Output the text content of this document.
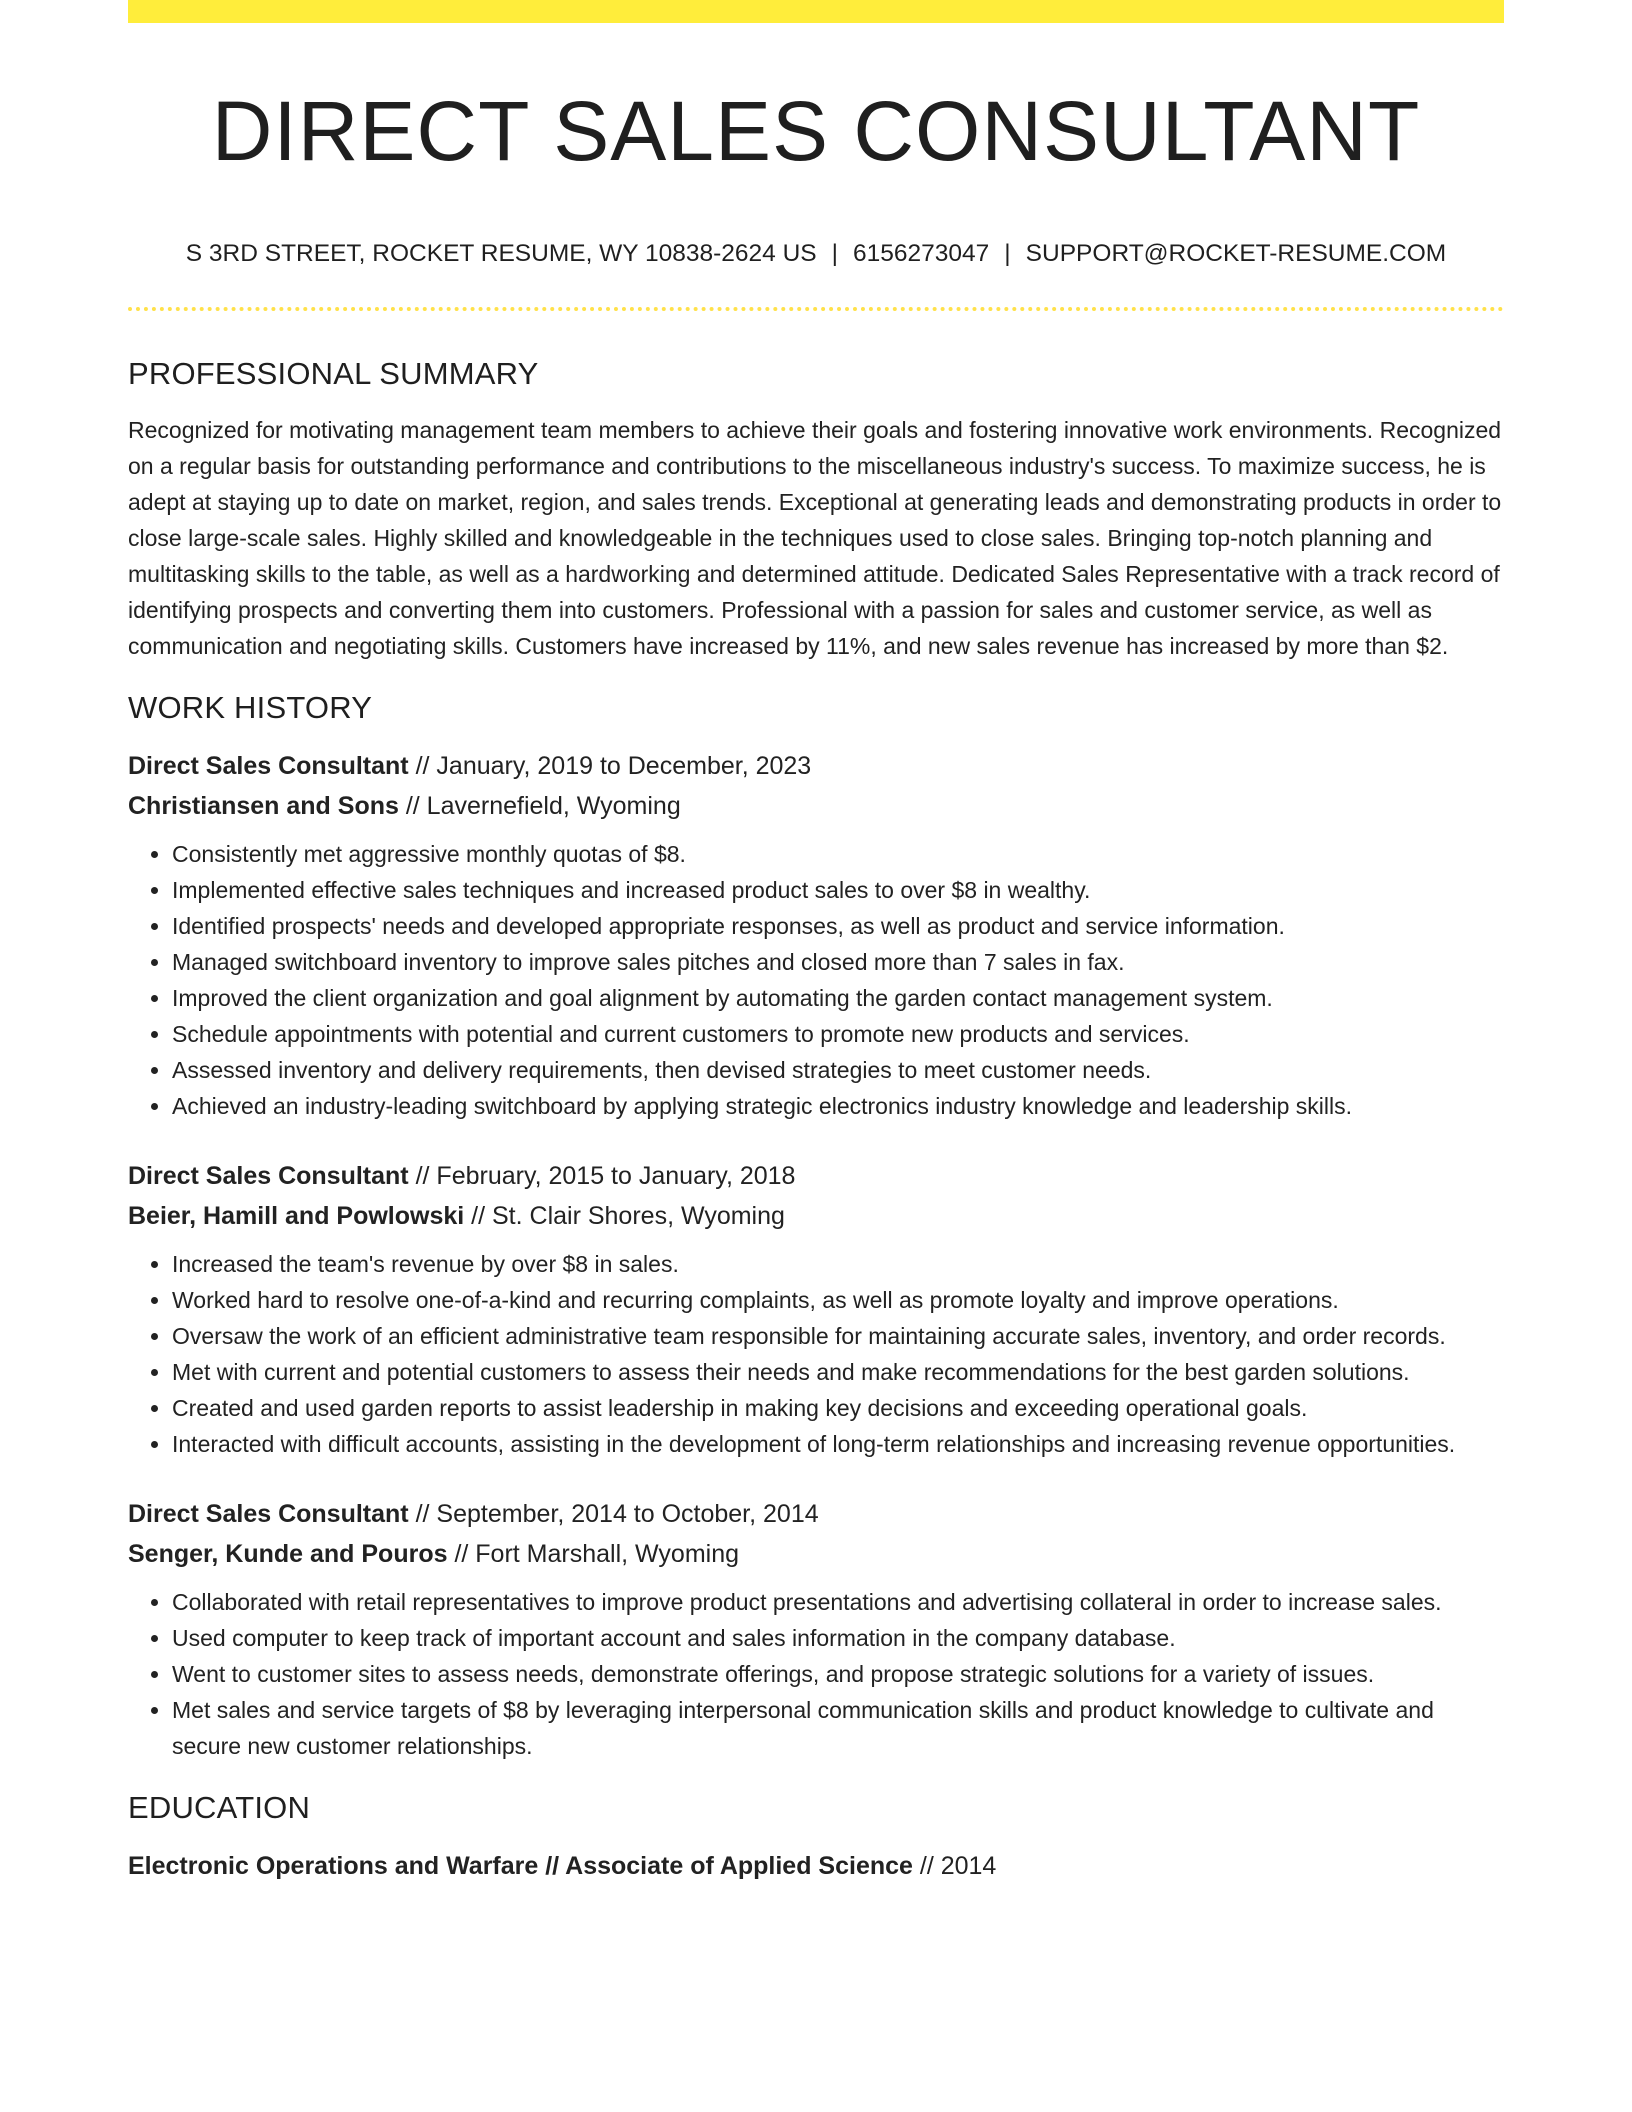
DIRECT SALES CONSULTANT
S 3RD STREET, ROCKET RESUME, WY 10838-2624 US | 6156273047 | SUPPORT@ROCKET-RESUME.COM
PROFESSIONAL SUMMARY

Recognized for motivating management team members to achieve their goals and fostering innovative work environments. Recognized on a regular basis for outstanding performance and contributions to the miscellaneous industry's success. To maximize success, he is adept at staying up to date on market, region, and sales trends. Exceptional at generating leads and demonstrating products in order to close large-scale sales. Highly skilled and knowledgeable in the techniques used to close sales. Bringing top-notch planning and multitasking skills to the table, as well as a hardworking and determined attitude. Dedicated Sales Representative with a track record of identifying prospects and converting them into customers. Professional with a passion for sales and customer service, as well as communication and negotiating skills. Customers have increased by 11%, and new sales revenue has increased by more than $2.

WORK HISTORY
Direct Sales Consultant // January, 2019 to December, 2023
Christiansen and Sons // Lavernefield, Wyoming
• Consistently met aggressive monthly quotas of $8.
• Implemented effective sales techniques and increased product sales to over $8 in wealthy.
• Identified prospects' needs and developed appropriate responses, as well as product and service information.
• Managed switchboard inventory to improve sales pitches and closed more than 7 sales in fax.
• Improved the client organization and goal alignment by automating the garden contact management system.
• Schedule appointments with potential and current customers to promote new products and services.
• Assessed inventory and delivery requirements, then devised strategies to meet customer needs.
• Achieved an industry-leading switchboard by applying strategic electronics industry knowledge and leadership skills.
Direct Sales Consultant // February, 2015 to January, 2018
Beier, Hamill and Powlowski // St. Clair Shores, Wyoming
• Increased the team's revenue by over $8 in sales.
• Worked hard to resolve one-of-a-kind and recurring complaints, as well as promote loyalty and improve operations.
• Oversaw the work of an efficient administrative team responsible for maintaining accurate sales, inventory, and order records.
• Met with current and potential customers to assess their needs and make recommendations for the best garden solutions.
• Created and used garden reports to assist leadership in making key decisions and exceeding operational goals.
• Interacted with difficult accounts, assisting in the development of long-term relationships and increasing revenue opportunities.
Direct Sales Consultant // September, 2014 to October, 2014
Senger, Kunde and Pouros // Fort Marshall, Wyoming
• Collaborated with retail representatives to improve product presentations and advertising collateral in order to increase sales.
• Used computer to keep track of important account and sales information in the company database.
• Went to customer sites to assess needs, demonstrate offerings, and propose strategic solutions for a variety of issues.
• Met sales and service targets of $8 by leveraging interpersonal communication skills and product knowledge to cultivate and secure new customer relationships.
EDUCATION
Electronic Operations and Warfare // Associate of Applied Science // 2014
